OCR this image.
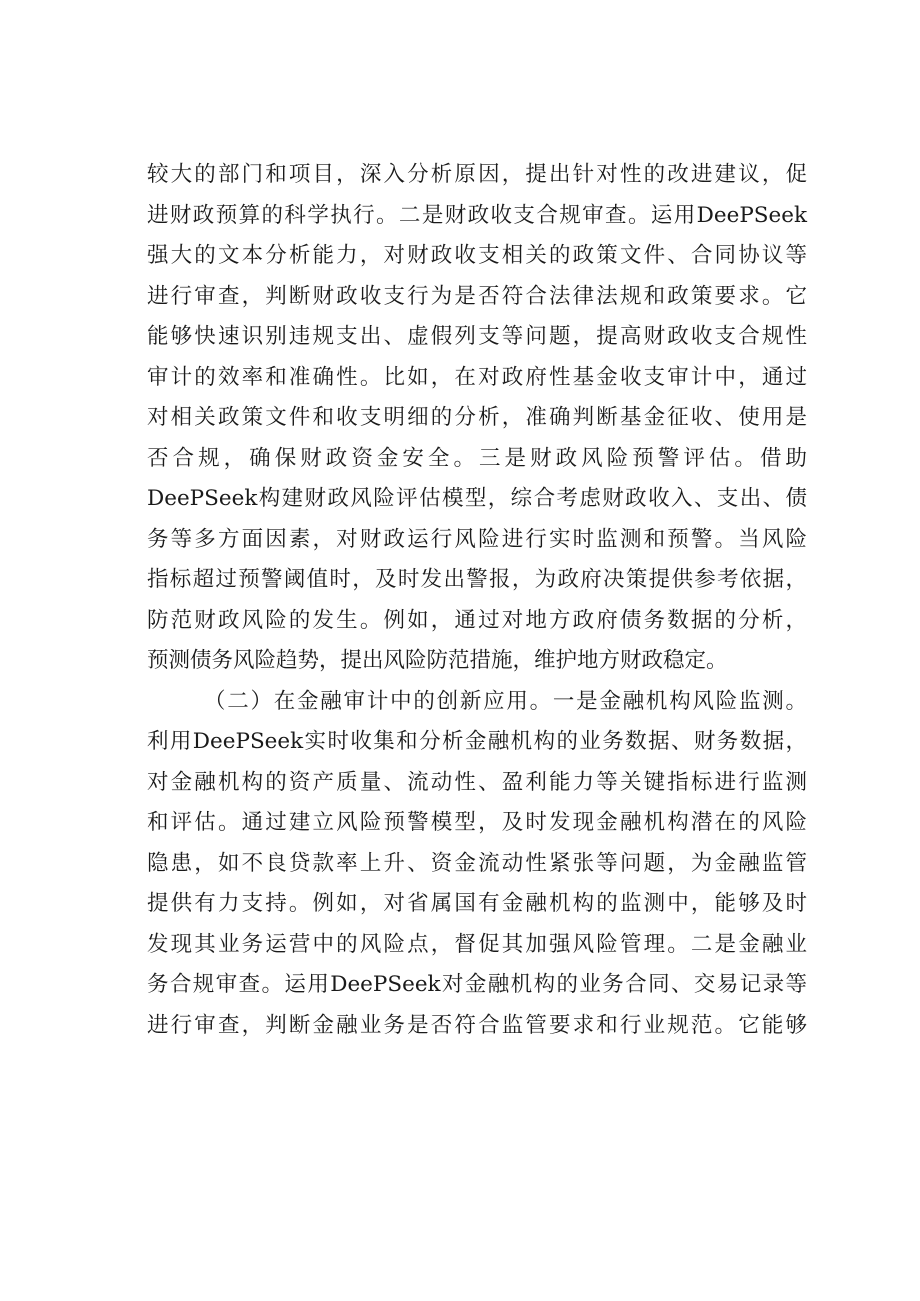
较大的部门和项目，深入分析原因，提出针对性的改进建议，促
进财政预算的科学执行。二是财政收支合规审查。运用DeePSeek
强大的文本分析能力，对财政收支相关的政策文件、合同协议等
进行审查，判断财政收支行为是否符合法律法规和政策要求。它
能够快速识别违规支出、虚假列支等问题，提高财政收支合规性
审计的效率和准确性。比如，在对政府性基金收支审计中，通过
对相关政策文件和收支明细的分析，准确判断基金征收、使用是
否合规，确保财政资金安全。三是财政风险预警评估。借助
DeePSeek构建财政风险评估模型，综合考虑财政收入、支出、债
务等多方面因素，对财政运行风险进行实时监测和预警。当风险
指标超过预警阈值时，及时发出警报，为政府决策提供参考依据，
防范财政风险的发生。例如，通过对地方政府债务数据的分析，
预测债务风险趋势，提出风险防范措施，维护地方财政稳定。
（二）在金融审计中的创新应用。一是金融机构风险监测。
利用DeePSeek实时收集和分析金融机构的业务数据、财务数据，
对金融机构的资产质量、流动性、盈利能力等关键指标进行监测
和评估。通过建立风险预警模型，及时发现金融机构潜在的风险
隐患，如不良贷款率上升、资金流动性紧张等问题，为金融监管
提供有力支持。例如，对省属国有金融机构的监测中，能够及时
发现其业务运营中的风险点，督促其加强风险管理。二是金融业
务合规审查。运用DeePSeek对金融机构的业务合同、交易记录等
进行审查，判断金融业务是否符合监管要求和行业规范。它能够
